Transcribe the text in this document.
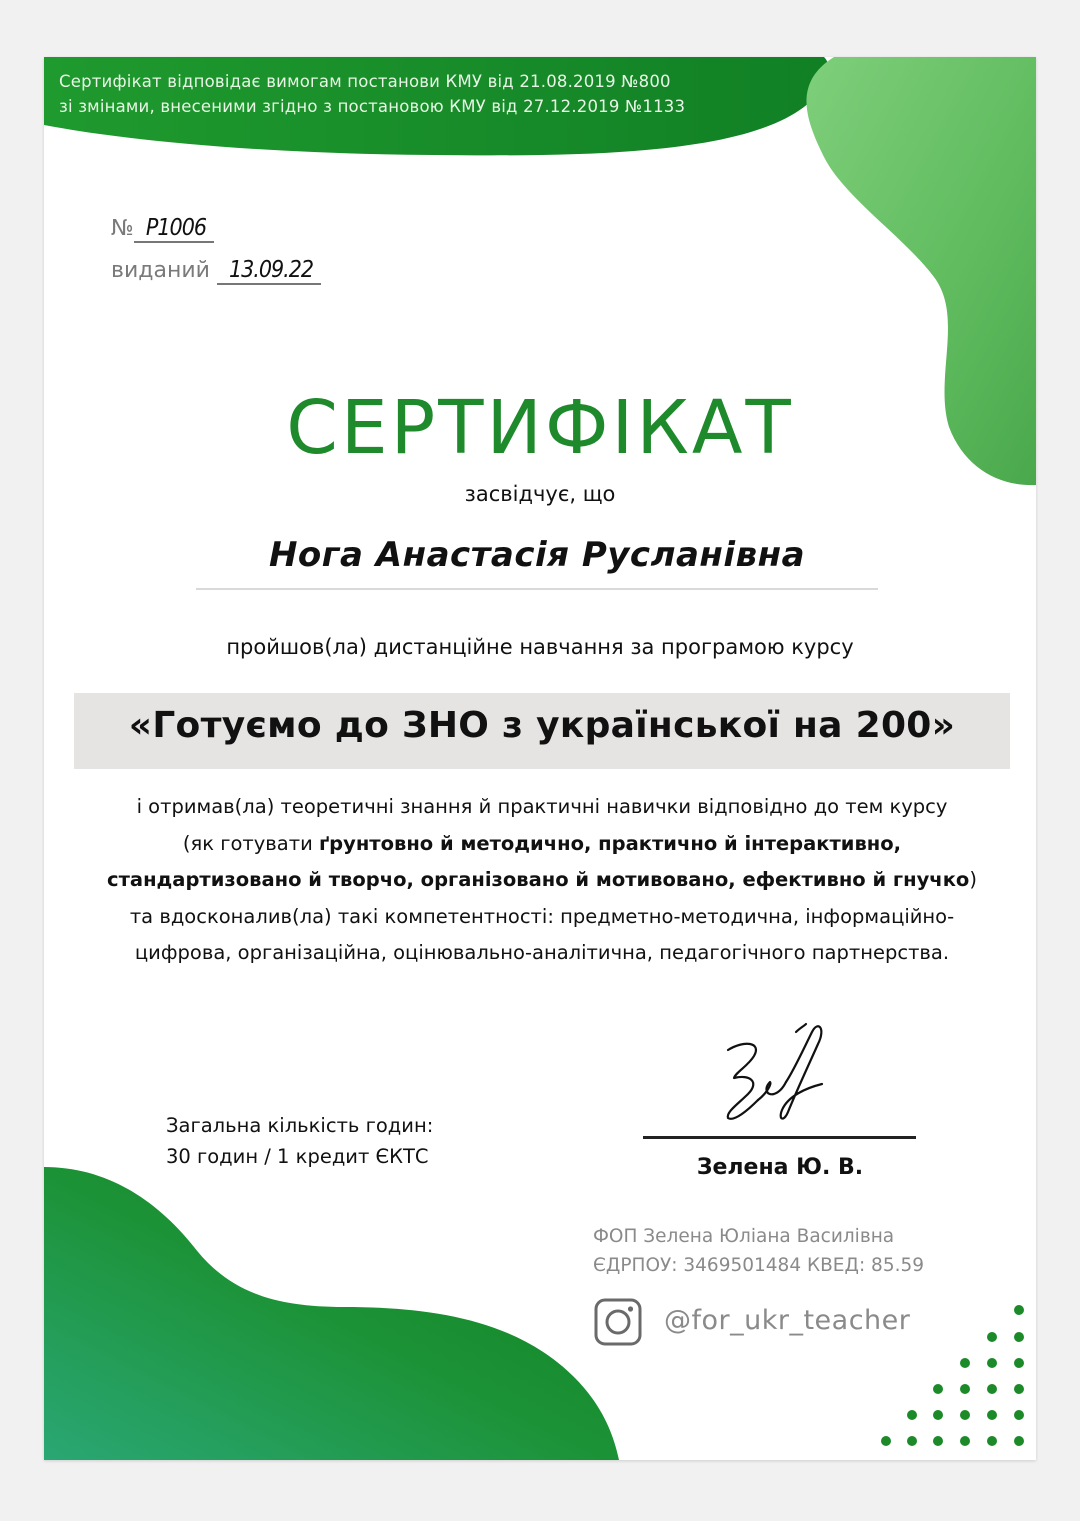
Сертифікат відповідає вимогам постанови КМУ від 21.08.2019 №800
зі змінами, внесеними згідно з постановою КМУ від 27.12.2019 №1133
№ Р1006
виданий 13.09.22
СЕРТИФІКАТ
засвідчує, що
Нога Анастасія Русланівна
пройшов(ла) дистанційне навчання за програмою курсу
«Готуємо до ЗНО з української на 200»
і отримав(ла) теоретичні знання й практичні навички відповідно до тем курсу
(як готувати ґрунтовно й методично, практично й інтерактивно,
стандартизовано й творчо, організовано й мотивовано, ефективно й гнучко)
та вдосконалив(ла) такі компетентності: предметно-методична, інформаційно-
цифрова, організаційна, оцінювально-аналітична, педагогічного партнерства.
Загальна кількість годин:
30 годин / 1 кредит ЄКТС	Зелена Ю. В.
ФОП Зелена Юліана Василівна
ЄДРПОУ: 3469501484 КВЕД: 85.59
@for_ukr_teacher
